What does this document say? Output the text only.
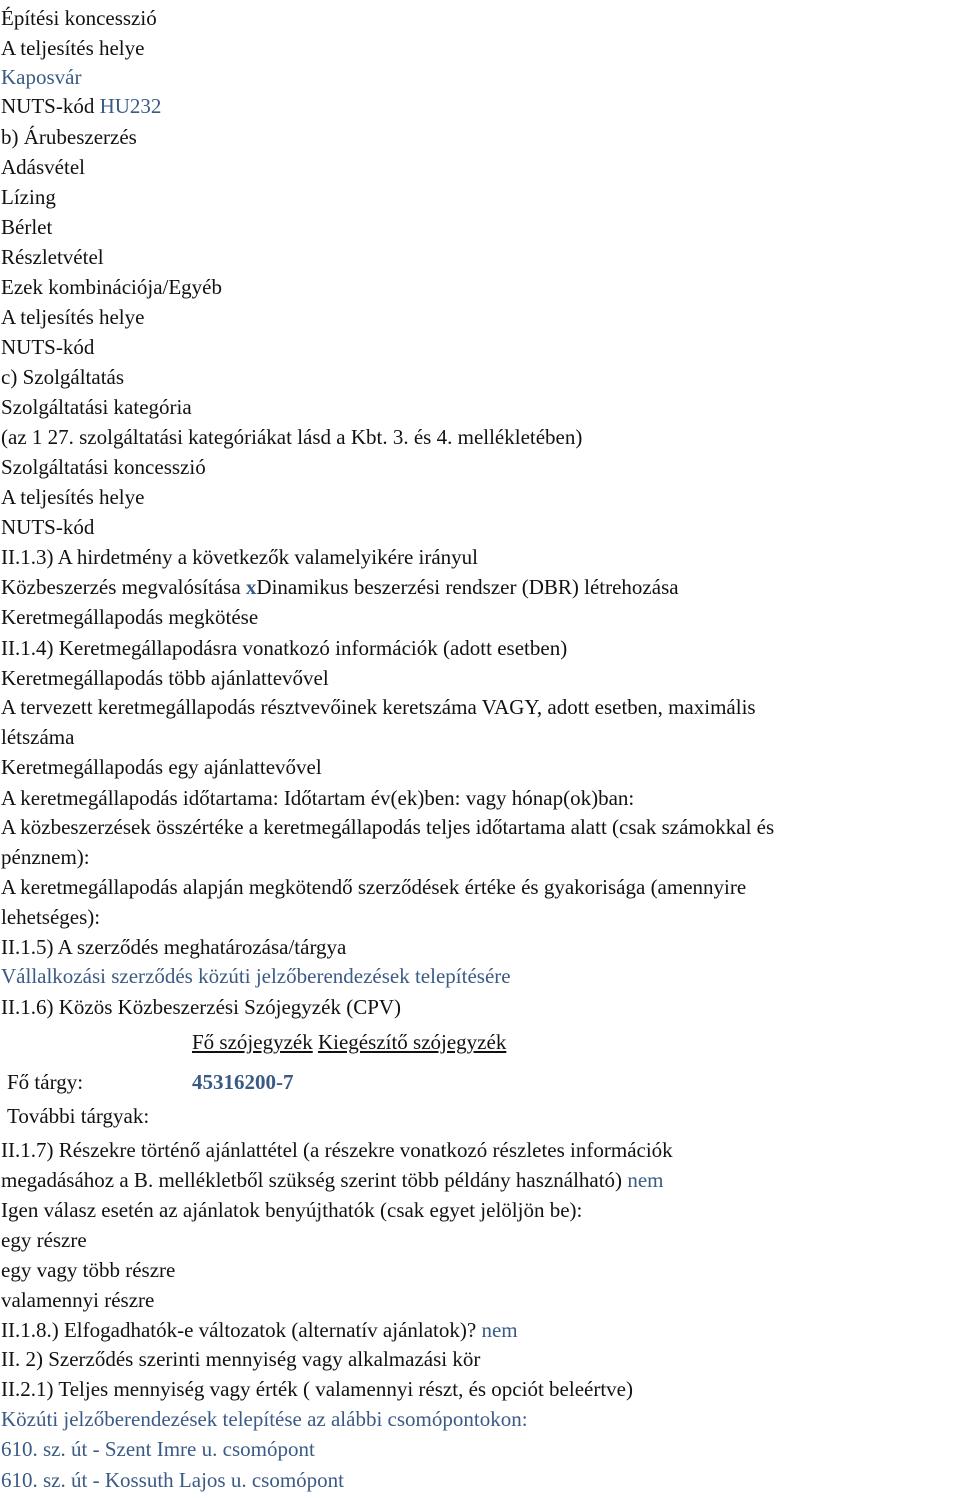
Építési koncesszió
A teljesítés helye
Kaposvár
NUTS-kód HU232
b) Árubeszerzés
Adásvétel
Lízing
Bérlet
Részletvétel
Ezek kombinációja/Egyéb
A teljesítés helye
NUTS-kód
c) Szolgáltatás
Szolgáltatási kategória
(az 1 27. szolgáltatási kategóriákat lásd a Kbt. 3. és 4. mellékletében)
Szolgáltatási koncesszió
A teljesítés helye
NUTS-kód
II.1.3) A hirdetmény a következők valamelyikére irányul
Közbeszerzés megvalósítása xDinamikus beszerzési rendszer (DBR) létrehozása
Keretmegállapodás megkötése
II.1.4) Keretmegállapodásra vonatkozó információk (adott esetben)
Keretmegállapodás több ajánlattevővel
A tervezett keretmegállapodás résztvevőinek keretszáma VAGY, adott esetben, maximális
létszáma
Keretmegállapodás egy ajánlattevővel
A keretmegállapodás időtartama: Időtartam év(ek)ben: vagy hónap(ok)ban:
A közbeszerzések összértéke a keretmegállapodás teljes időtartama alatt (csak számokkal és
pénznem):
A keretmegállapodás alapján megkötendő szerződések értéke és gyakorisága (amennyire
lehetséges):
II.1.5) A szerződés meghatározása/tárgya
Vállalkozási szerződés közúti jelzőberendezések telepítésére
II.1.6) Közös Közbeszerzési Szójegyzék (CPV)
Fő szójegyzék Kiegészítő szójegyzék
Fő tárgy:	45316200-7
További tárgyak:
II.1.7) Részekre történő ajánlattétel (a részekre vonatkozó részletes információk
megadásához a B. mellékletből szükség szerint több példány használható) nem
Igen válasz esetén az ajánlatok benyújthatók (csak egyet jelöljön be):
egy részre
egy vagy több részre
valamennyi részre
II.1.8.) Elfogadhatók-e változatok (alternatív ajánlatok)? nem
II. 2) Szerződés szerinti mennyiség vagy alkalmazási kör
II.2.1) Teljes mennyiség vagy érték ( valamennyi részt, és opciót beleértve)
Közúti jelzőberendezések telepítése az alábbi csomópontokon:
610. sz. út - Szent Imre u. csomópont
610. sz. út - Kossuth Lajos u. csomópont
